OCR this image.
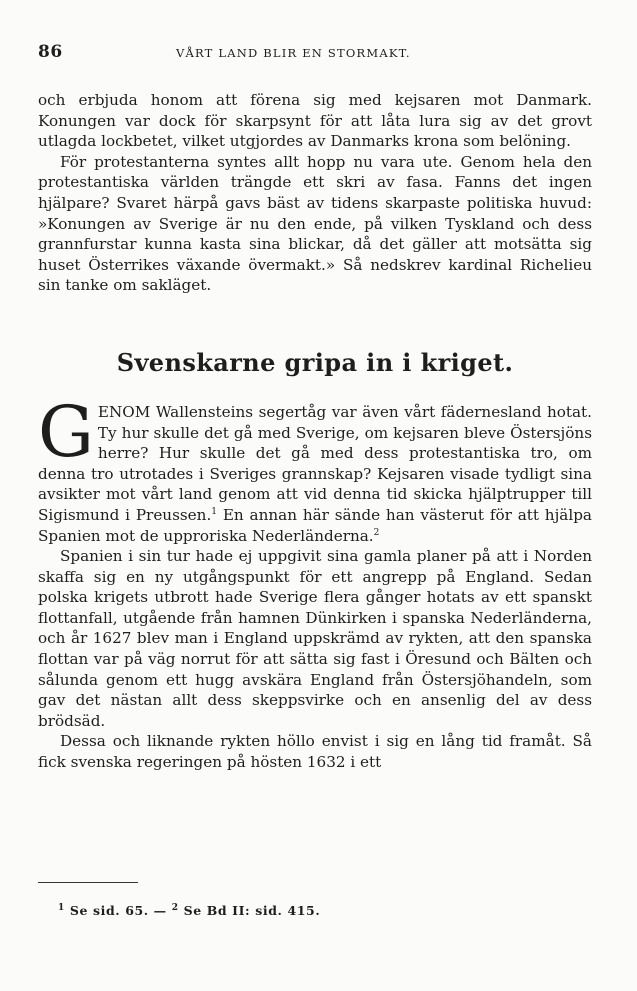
86	VÅRT LAND BLIR EN STORMAKT.

och erbjuda honom att förena sig med kejsaren mot Danmark. Konungen var dock för skarpsynt för att låta lura sig av det grovt utlagda lockbetet, vilket utgjordes av Danmarks krona som belöning.

För protestanterna syntes allt hopp nu vara ute. Genom hela den protestantiska världen trängde ett skri av fasa. Fanns det ingen hjälpare? Svaret härpå gavs bäst av tidens skarpaste politiska huvud: »Konungen av Sverige är nu den ende, på vilken Tyskland och dess grannfurstar kunna kasta sina blickar, då det gäller att motsätta sig huset Österrikes växande övermakt.» Så nedskrev kardinal Richelieu sin tanke om sakläget.

Svenskarne gripa in i kriget.

G ENOM Wallensteins segertåg var även vårt fädernesland hotat. Ty hur skulle det gå med Sverige, om kejsaren bleve Östersjöns herre? Hur skulle det gå med dess protestantiska tro, om denna tro utrotades i Sveriges grannskap? Kejsaren visade tydligt sina avsikter mot vårt land genom att vid denna tid skicka hjälptrupper till Sigismund i Preussen.$^1$ En annan här sände han västerut för att hjälpa Spanien mot de upproriska Nederländerna.$^2$

Spanien i sin tur hade ej uppgivit sina gamla planer på att i Norden skaffa sig en ny utgångspunkt för ett angrepp på England. Sedan polska krigets utbrott hade Sverige flera gånger hotats av ett spanskt flottanfall, utgående från hamnen Dünkirken i spanska Nederländerna, och år 1627 blev man i England uppskrämd av rykten, att den spanska flottan var på väg norrut för att sätta sig fast i Öresund och Bälten och sålunda genom ett hugg avskära England från Östersjöhandeln, som gav det nästan allt dess skeppsvirke och en ansenlig del av dess brödsäd.

Dessa och liknande rykten höllo envist i sig en lång tid framåt. Så fick svenska regeringen på hösten 1632 i ett

$^1$ Se sid. 65. — $^2$ Se Bd II: sid. 415.
